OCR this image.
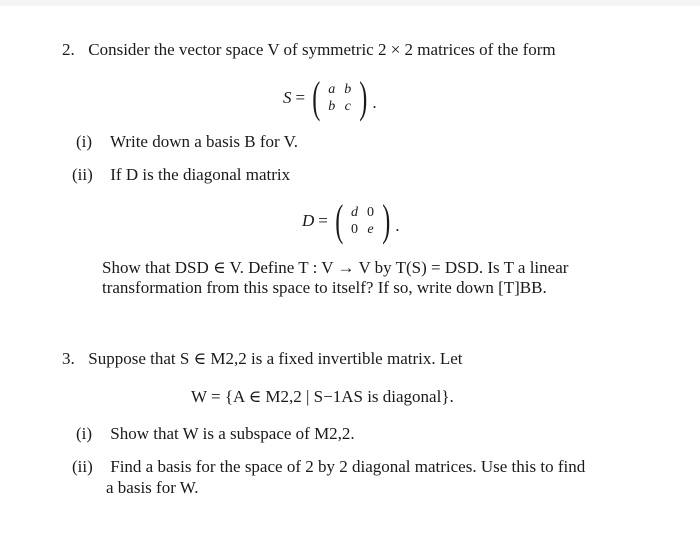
2. Consider the vector space V of symmetric 2 × 2 matrices of the form
S = ( a b
b c ) .
(i) Write down a basis B for V.
(ii) If D is the diagonal matrix
D = ( d 0
0 e ) .
Show that DSD ∈ V. Define T : V → V by T(S) = DSD. Is T a linear
transformation from this space to itself? If so, write down [T]BB.
3. Suppose that S ∈ M2,2 is a fixed invertible matrix. Let
W = {A ∈ M2,2 | S−1AS is diagonal}.
(i) Show that W is a subspace of M2,2.
(ii) Find a basis for the space of 2 by 2 diagonal matrices. Use this to find
a basis for W.
